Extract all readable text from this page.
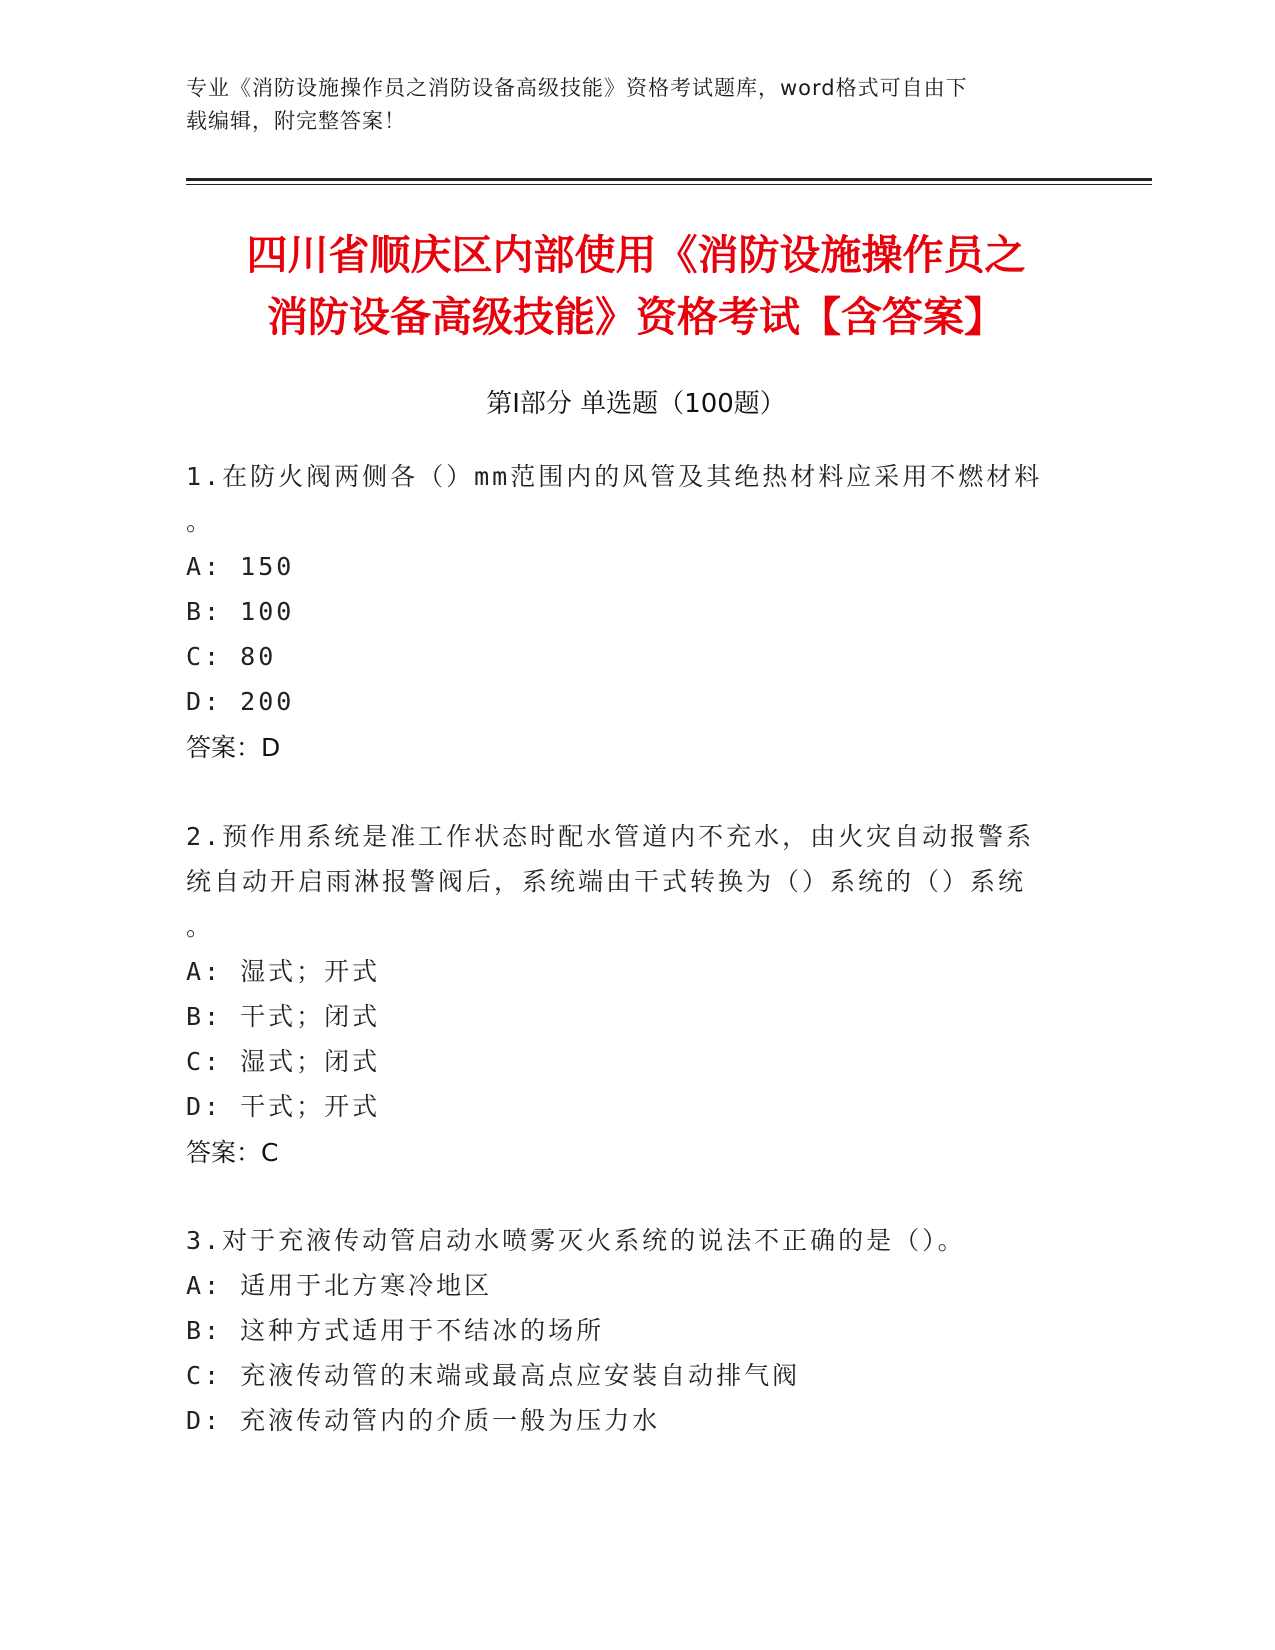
专业《消防设施操作员之消防设备高级技能》资格考试题库，word格式可自由下
载编辑，附完整答案！
四川省顺庆区内部使用《消防设施操作员之
消防设备高级技能》资格考试【含答案】
第Ⅰ部分 单选题（100题）
1.在防火阀两侧各（）mm范围内的风管及其绝热材料应采用不燃材料
。
A: 150
B: 100
C: 80
D: 200
答案：D
2.预作用系统是准工作状态时配水管道内不充水，由火灾自动报警系
统自动开启雨淋报警阀后，系统端由干式转换为（）系统的（）系统
。
A: 湿式；开式
B: 干式；闭式
C: 湿式；闭式
D: 干式；开式
答案：C
3.对于充液传动管启动水喷雾灭火系统的说法不正确的是（）。
A: 适用于北方寒冷地区
B: 这种方式适用于不结冰的场所
C: 充液传动管的末端或最高点应安装自动排气阀
D: 充液传动管内的介质一般为压力水
